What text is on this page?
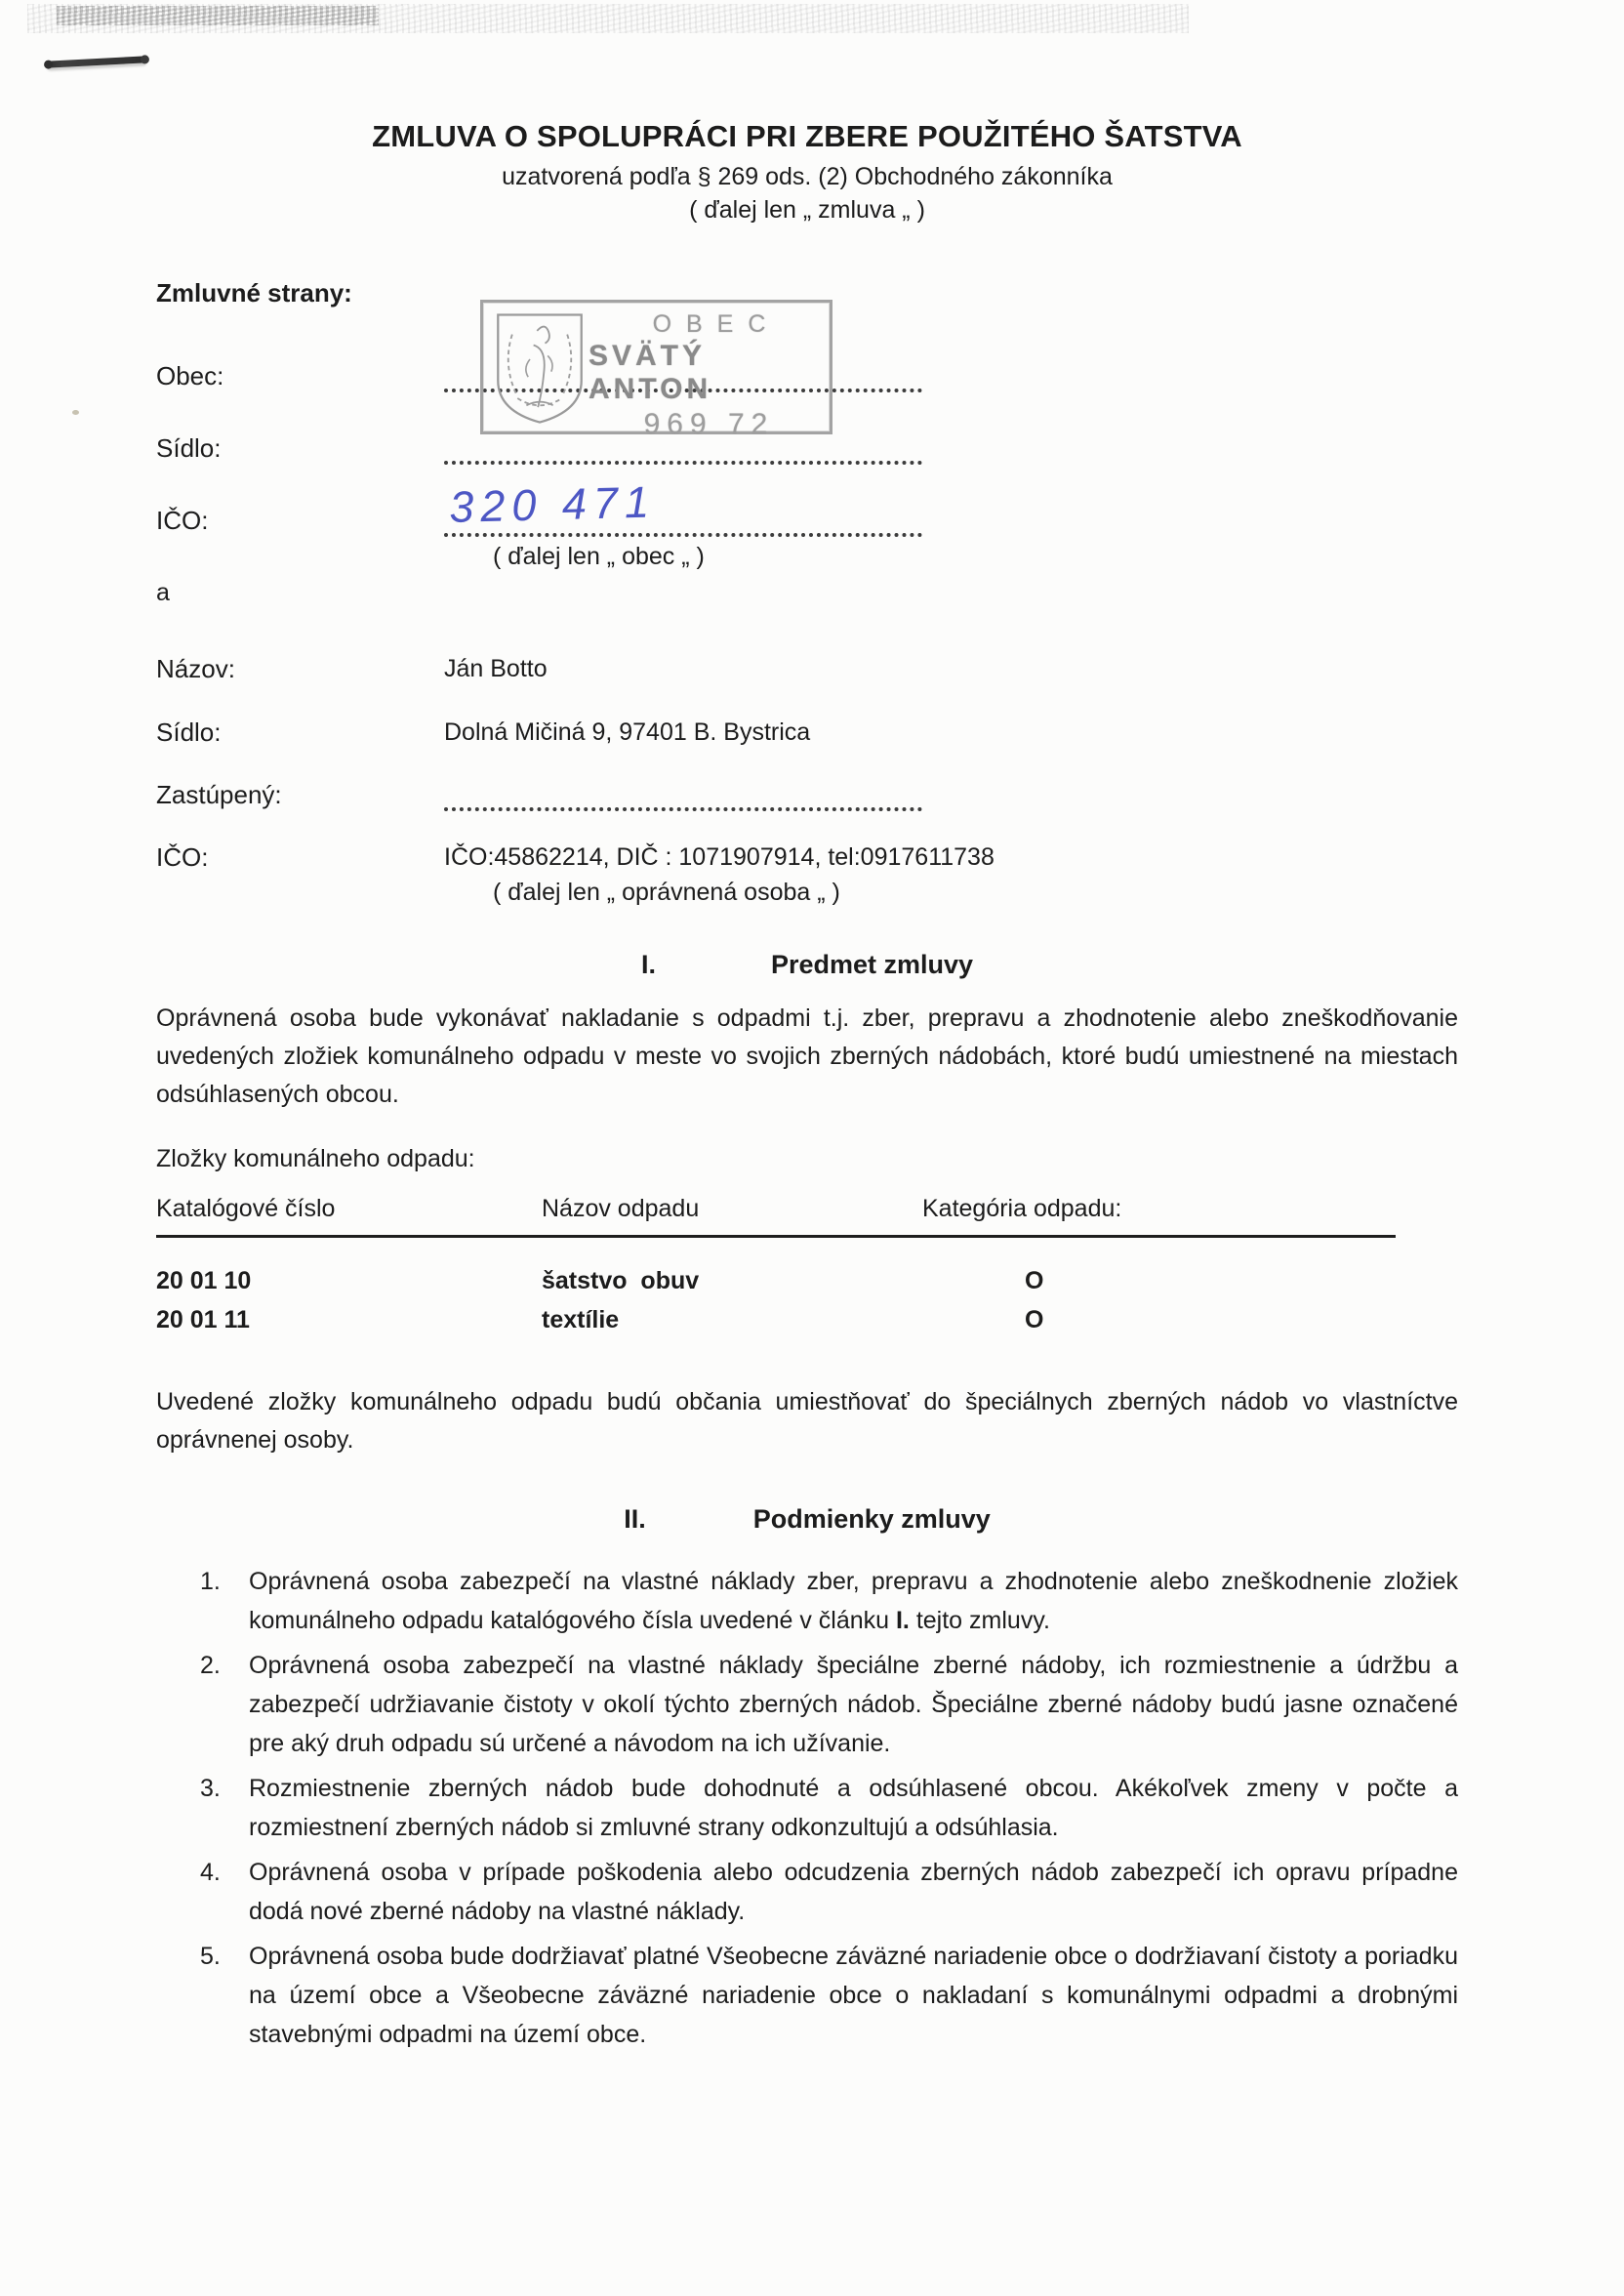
OBEC
SVÄTÝ ANTON
969 72
ZMLUVA O SPOLUPRÁCI PRI ZBERE POUŽITÉHO ŠATSTVA
uzatvorená podľa § 269 ods. (2) Obchodného zákonníka
( ďalej len „ zmluva „ )
Zmluvné strany:
Obec:
Sídlo:
IČO:	320 471
( ďalej len „ obec „ )
a
Názov:	Ján Botto
Sídlo:	Dolná Mičiná 9, 97401 B. Bystrica
Zastúpený:
IČO:	IČO:45862214, DIČ : 1071907914, tel:0917611738
( ďalej len „ oprávnená osoba „ )
I.	Predmet zmluvy
Oprávnená osoba bude vykonávať nakladanie s odpadmi t.j. zber, prepravu a zhodnotenie alebo zneškodňovanie uvedených zložiek komunálneho odpadu v meste vo svojich zberných nádobách, ktoré budú umiestnené na miestach odsúhlasených obcou.
Zložky komunálneho odpadu:
Katalógové číslo	Názov odpadu	Kategória odpadu:
20 01 10	šatstvo  obuv	O
20 01 11	textílie	O
Uvedené zložky komunálneho odpadu budú občania umiestňovať do špeciálnych zberných nádob vo vlastníctve oprávnenej osoby.
II.	Podmienky zmluvy
1.	Oprávnená osoba zabezpečí na vlastné náklady zber, prepravu a zhodnotenie alebo zneškodnenie zložiek komunálneho odpadu katalógového čísla uvedené v článku I. tejto zmluvy.

2.	Oprávnená osoba zabezpečí na vlastné náklady špeciálne zberné nádoby, ich rozmiestnenie a údržbu a zabezpečí udržiavanie čistoty v okolí týchto zberných nádob. Špeciálne zberné nádoby budú jasne označené pre aký druh odpadu sú určené a návodom na ich užívanie.

3.	Rozmiestnenie zberných nádob bude dohodnuté a odsúhlasené obcou. Akékoľvek zmeny v počte a rozmiestnení zberných nádob si zmluvné strany odkonzultujú a odsúhlasia.

4.	Oprávnená osoba v prípade poškodenia alebo odcudzenia zberných nádob zabezpečí ich opravu prípadne dodá nové zberné nádoby na vlastné náklady.

5.	Oprávnená osoba bude dodržiavať platné Všeobecne záväzné nariadenie obce o dodržiavaní čistoty a poriadku na území obce a Všeobecne záväzné nariadenie obce o nakladaní s komunálnymi odpadmi a drobnými stavebnými odpadmi na území obce.
